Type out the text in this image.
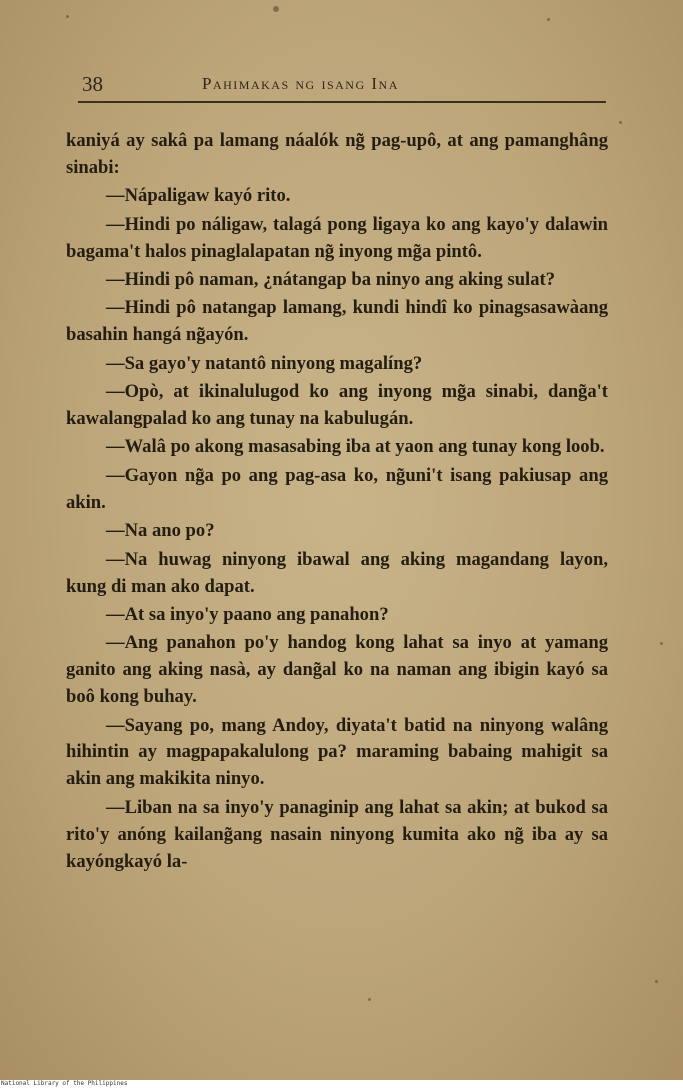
38	Pahimakas ng isang Ina

kaniyá ay sakâ pa lamang náalók ng̃ pag-upô, at ang pamanghâng sinabi:

—Nápaligaw kayó rito.

—Hindi po náligaw, talagá pong ligaya ko ang kayo'y dalawin bagama't halos pinaglalapatan ng̃ inyong mg̃a pintô.

—Hindi pô naman, ¿nátangap ba ninyo ang aking sulat?

—Hindi pô natangap lamang, kundi hindî ko pinagsasawàang basahin hangá ng̃ayón.

—Sa gayo'y natantô ninyong magalíng?

—Opò, at ikinalulugod ko ang inyong mg̃a sinabi, dang̃a't kawalangpalad ko ang tunay na kabulugán.

—Walâ po akong masasabing iba at yaon ang tunay kong loob.

—Gayon ng̃a po ang pag-asa ko, ng̃uni't isang pakiusap ang akin.

—Na ano po?

—Na huwag ninyong ibawal ang aking magandang layon, kung di man ako dapat.

—At sa inyo'y paano ang panahon?

—Ang panahon po'y handog kong lahat sa inyo at yamang ganito ang aking nasà, ay dang̃al ko na naman ang ibigin kayó sa boô kong buhay.

—Sayang po, mang Andoy, diyata't batid na ninyong walâng hihintin ay magpapakalulong pa? maraming babaing mahigit sa akin ang makikita ninyo.

—Liban na sa inyo'y panaginip ang lahat sa akin; at bukod sa rito'y anóng kailang̃ang nasain ninyong kumita ako ng̃ iba ay sa kayóngkayó la-

National Library of the Philippines
